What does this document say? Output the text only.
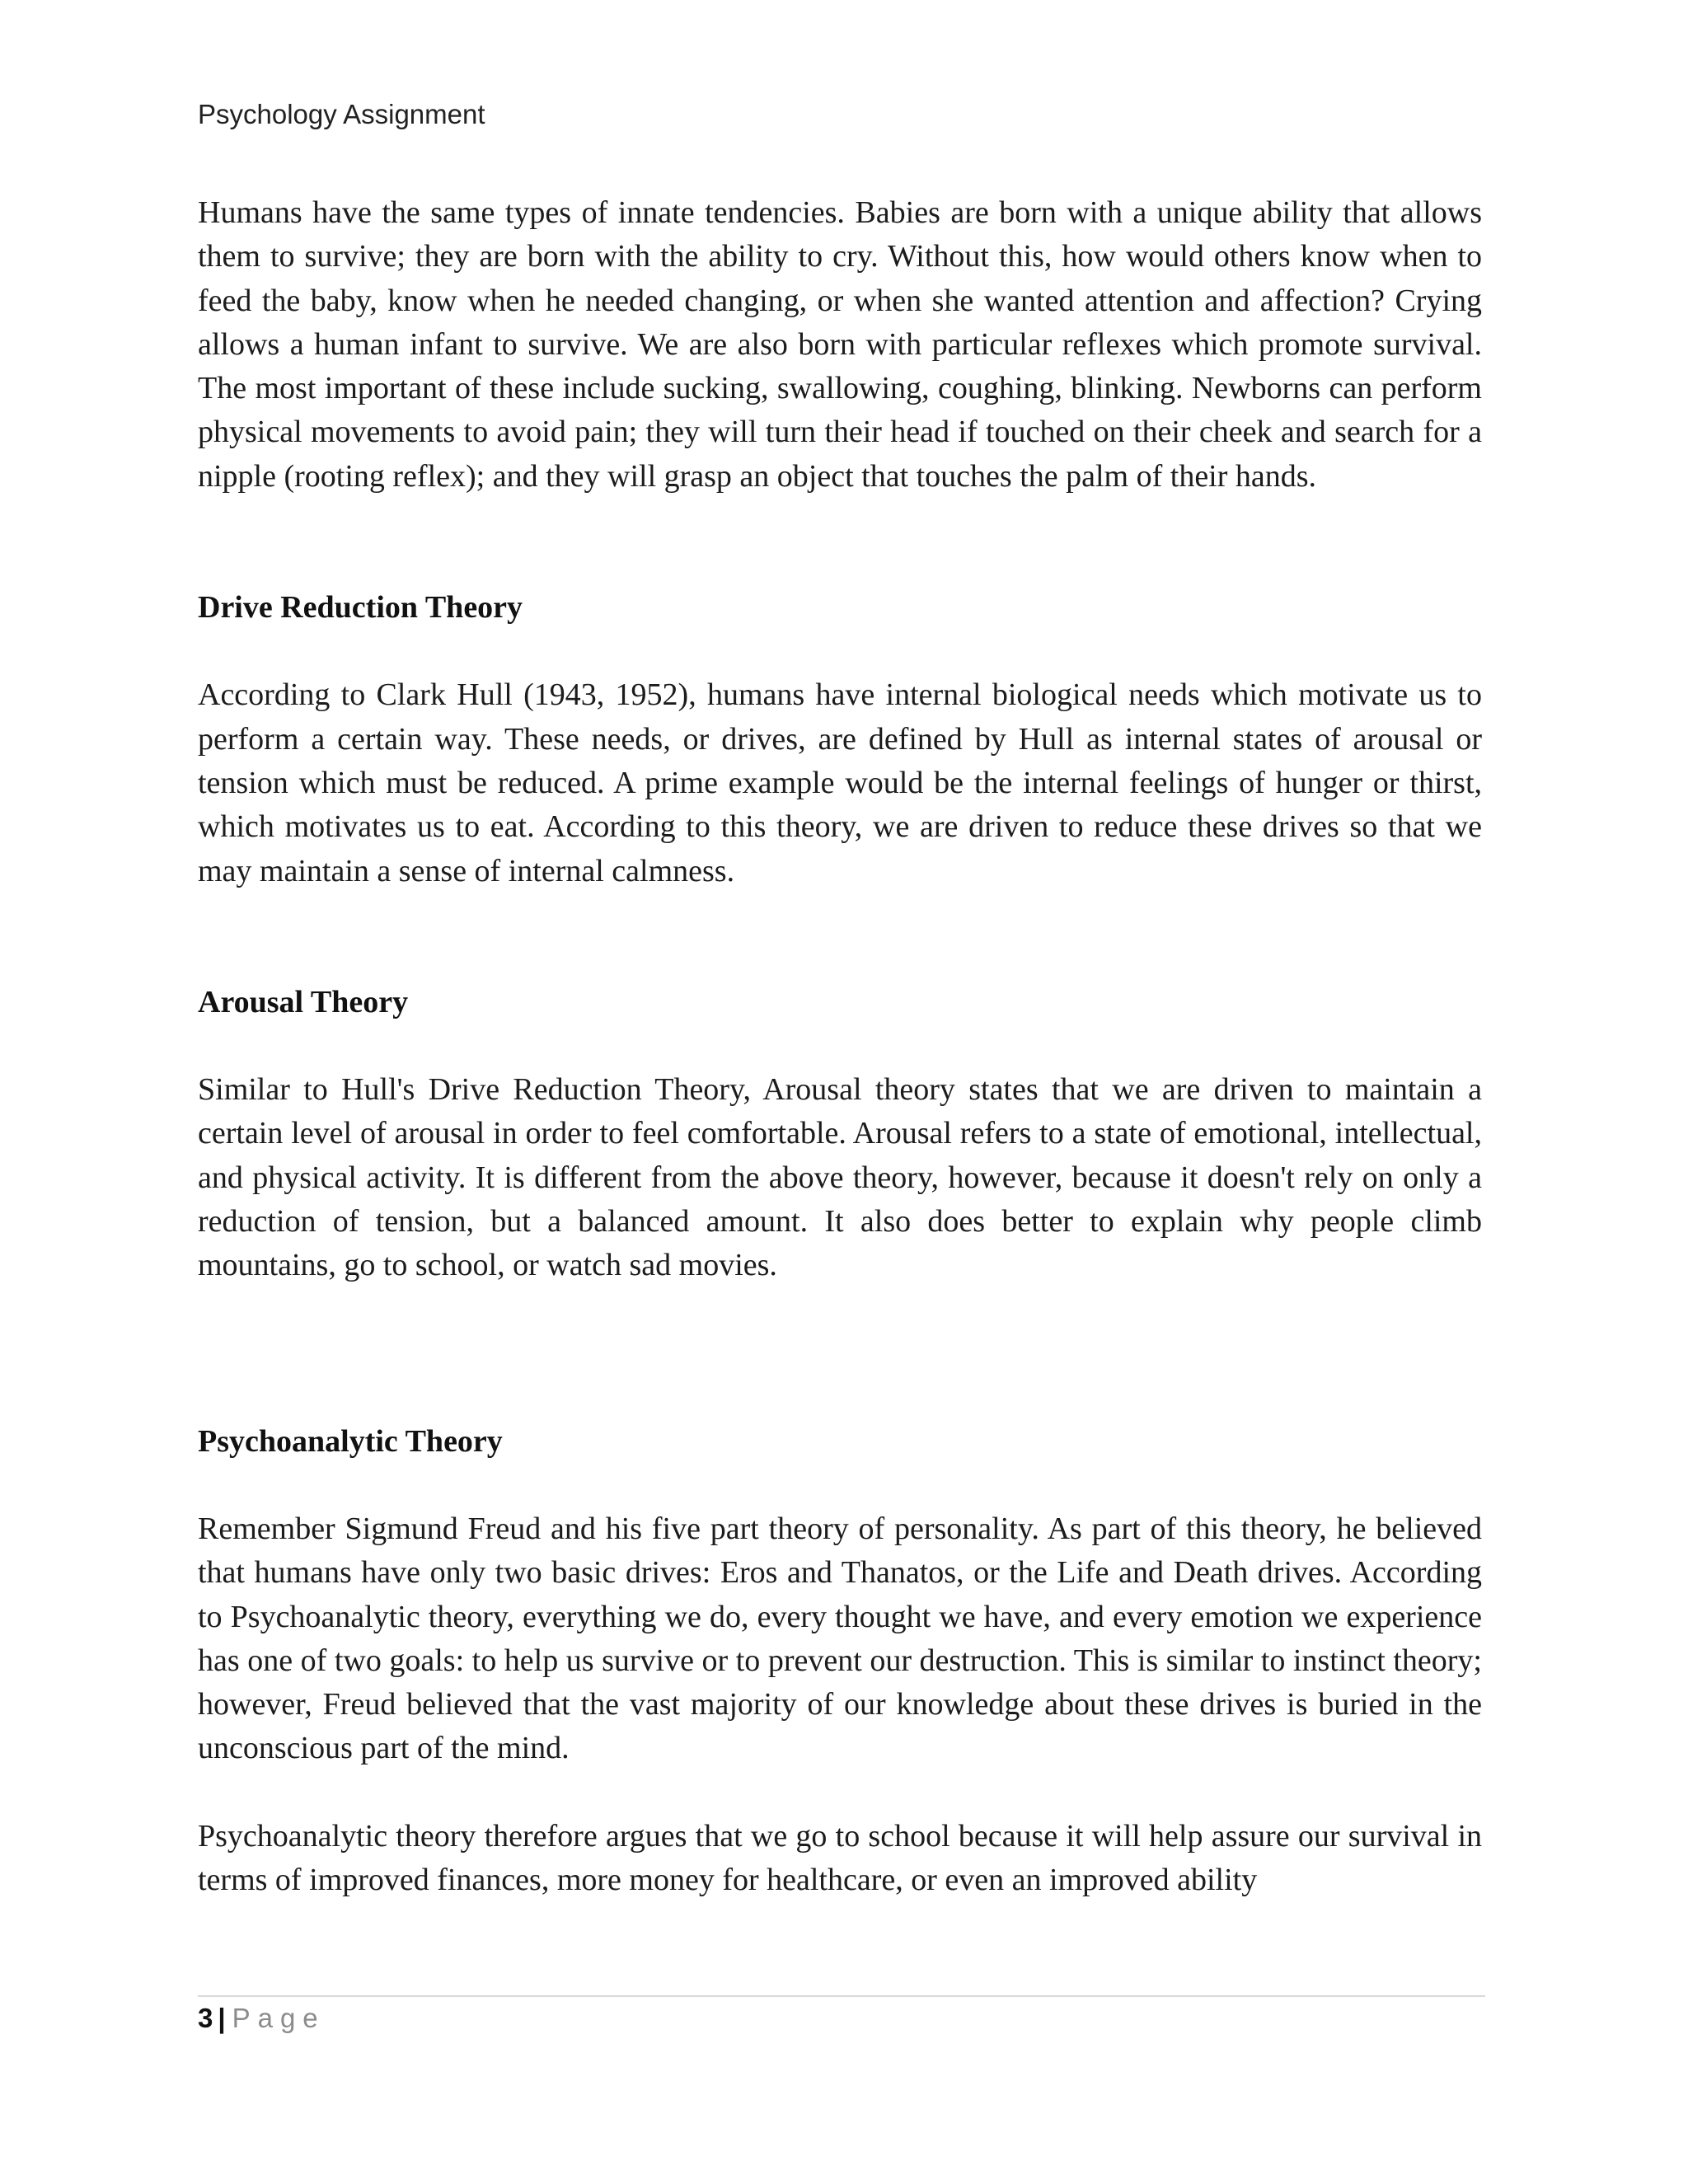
Psychology Assignment

Humans have the same types of innate tendencies. Babies are born with a unique ability that allows them to survive; they are born with the ability to cry. Without this, how would others know when to feed the baby, know when he needed changing, or when she wanted attention and affection? Crying allows a human infant to survive. We are also born with particular reflexes which promote survival. The most important of these include sucking, swallowing, coughing, blinking. Newborns can perform physical movements to avoid pain; they will turn their head if touched on their cheek and search for a nipple (rooting reflex); and they will grasp an object that touches the palm of their hands.

Drive Reduction Theory

According to Clark Hull (1943, 1952), humans have internal biological needs which motivate us to perform a certain way. These needs, or drives, are defined by Hull as internal states of arousal or tension which must be reduced. A prime example would be the internal feelings of hunger or thirst, which motivates us to eat. According to this theory, we are driven to reduce these drives so that we may maintain a sense of internal calmness.

Arousal Theory

Similar to Hull's Drive Reduction Theory, Arousal theory states that we are driven to maintain a certain level of arousal in order to feel comfortable. Arousal refers to a state of emotional, intellectual, and physical activity. It is different from the above theory, however, because it doesn't rely on only a reduction of tension, but a balanced amount. It also does better to explain why people climb mountains, go to school, or watch sad movies.

Psychoanalytic Theory

Remember Sigmund Freud and his five part theory of personality. As part of this theory, he believed that humans have only two basic drives: Eros and Thanatos, or the Life and Death drives. According to Psychoanalytic theory, everything we do, every thought we have, and every emotion we experience has one of two goals: to help us survive or to prevent our destruction. This is similar to instinct theory; however, Freud believed that the vast majority of our knowledge about these drives is buried in the unconscious part of the mind.

Psychoanalytic theory therefore argues that we go to school because it will help assure our survival in terms of improved finances, more money for healthcare, or even an improved ability

3 | Page
